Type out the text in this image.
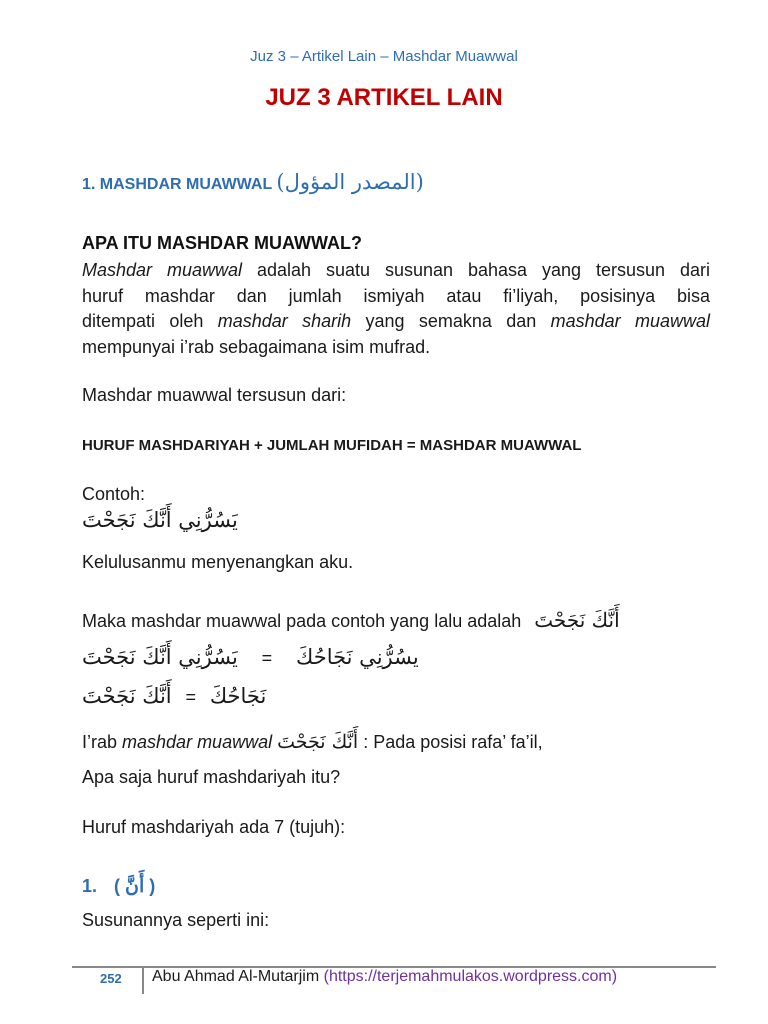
Juz 3 – Artikel Lain – Mashdar Muawwal
JUZ 3 ARTIKEL LAIN
1. MASHDAR MUAWWAL (المصدر المؤول)
APA ITU MASHDAR MUAWWAL?
Mashdar muawwal adalah suatu susunan bahasa yang tersusun dari
huruf mashdar dan jumlah ismiyah atau fi’liyah, posisinya bisa
ditempati oleh mashdar sharih yang semakna dan mashdar muawwal
mempunyai i’rab sebagaimana isim mufrad.
Mashdar muawwal tersusun dari:
HURUF MASHDARIYAH + JUMLAH MUFIDAH = MASHDAR MUAWWAL
Contoh:
يَسُرُّنِي أَنَّكَ نَجَحْتَ
Kelulusanmu menyenangkan aku.
Maka mashdar muawwal pada contoh yang lalu adalah أَنَّكَ نَجَحْتَ
يَسُرُّنِي أَنَّكَ نَجَحْتَ = يسُرُّنِي نَجَاحُكَ
أَنَّكَ نَجَحْتَ = نَجَاحُكَ
I’rab mashdar muawwal أَنَّكَ نَجَحْتَ : Pada posisi rafa’ fa’il,
Apa saja huruf mashdariyah itu?
Huruf mashdariyah ada 7 (tujuh):
1. ( أَنَّ )
Susunannya seperti ini:
252 Abu Ahmad Al-Mutarjim (https://terjemahmulakos.wordpress.com)
